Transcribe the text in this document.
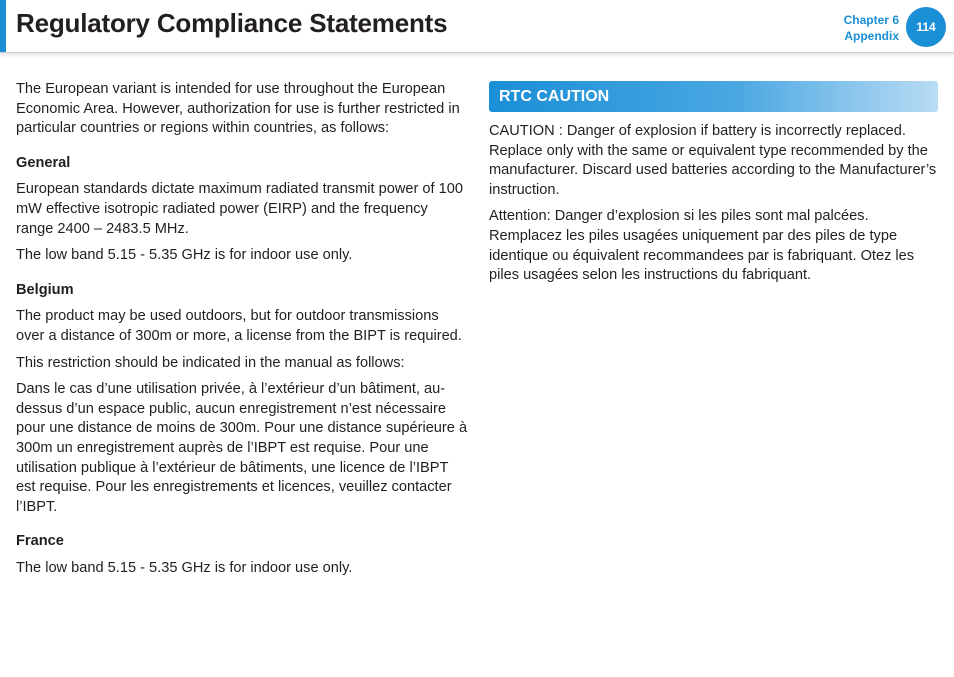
Regulatory Compliance Statements	Chapter 6
Appendix
114

The European variant is intended for use throughout the European Economic Area. However, authorization for use is further restricted in particular countries or regions within countries, as follows:

General

European standards dictate maximum radiated transmit power of 100 mW effective isotropic radiated power (EIRP) and the frequency range 2400 – 2483.5 MHz.

The low band 5.15 - 5.35 GHz is for indoor use only.

Belgium

The product may be used outdoors, but for outdoor transmissions over a distance of 300m or more, a license from the BIPT is required.

This restriction should be indicated in the manual as follows:

Dans le cas d’une utilisation privée, à l’extérieur d’un bâtiment, au-dessus d’un espace public, aucun enregistrement n’est nécessaire pour une distance de moins de 300m. Pour une distance supérieure à 300m un enregistrement auprès de l’IBPT est requise. Pour une utilisation publique à l’extérieur de bâtiments, une licence de l’IBPT est requise. Pour les enregistrements et licences, veuillez contacter l’IBPT.

France

The low band 5.15 - 5.35 GHz is for indoor use only.

RTC CAUTION

CAUTION : Danger of explosion if battery is incorrectly replaced. Replace only with the same or equivalent type recommended by the manufacturer. Discard used batteries according to the Manufacturer’s instruction.

Attention: Danger d’explosion si les piles sont mal palcées. Remplacez les piles usagées uniquement par des piles de type identique ou équivalent recommandees par is fabriquant. Otez les piles usagées selon les instructions du fabriquant.
